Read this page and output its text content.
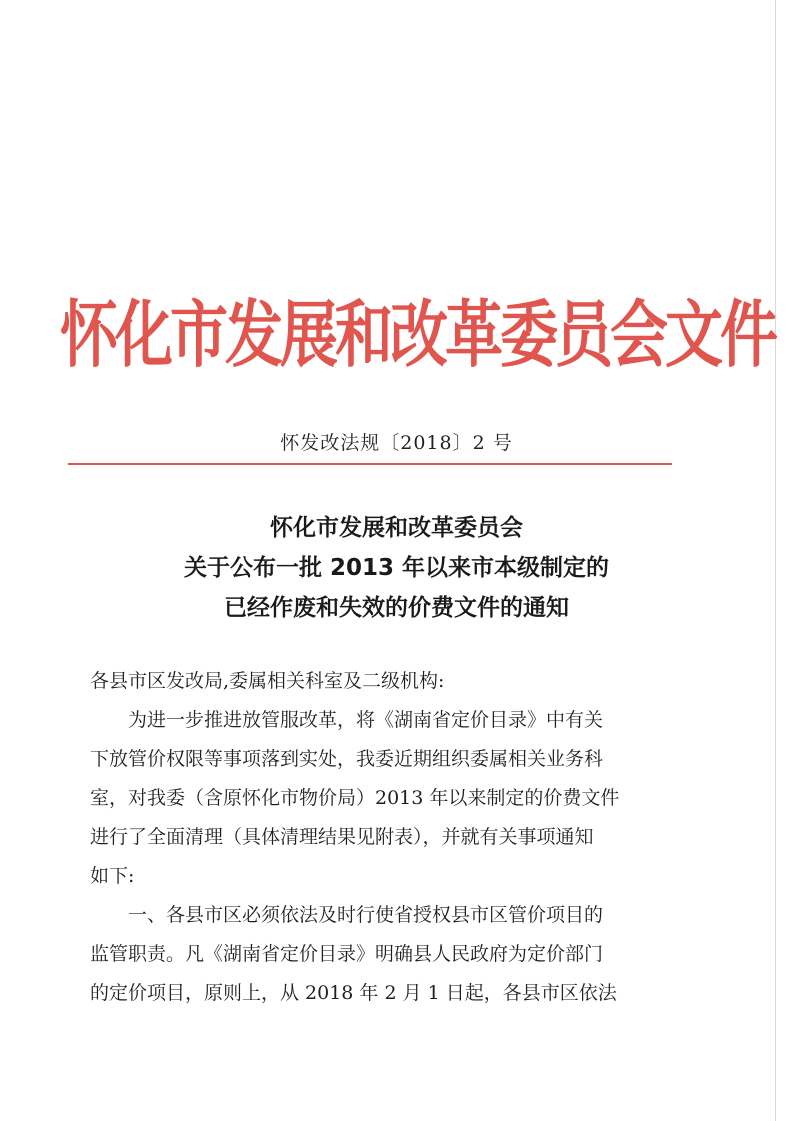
怀化市发展和改革委员会文件
怀发改法规〔2018〕2 号
怀化市发展和改革委员会
关于公布一批 2013 年以来市本级制定的
已经作废和失效的价费文件的通知
各县市区发改局,委属相关科室及二级机构:
为进一步推进放管服改革，将《湖南省定价目录》中有关
下放管价权限等事项落到实处，我委近期组织委属相关业务科
室，对我委（含原怀化市物价局）2013 年以来制定的价费文件
进行了全面清理（具体清理结果见附表），并就有关事项通知
如下:
一、各县市区必须依法及时行使省授权县市区管价项目的
监管职责。凡《湖南省定价目录》明确县人民政府为定价部门
的定价项目，原则上，从 2018 年 2 月 1 日起，各县市区依法
